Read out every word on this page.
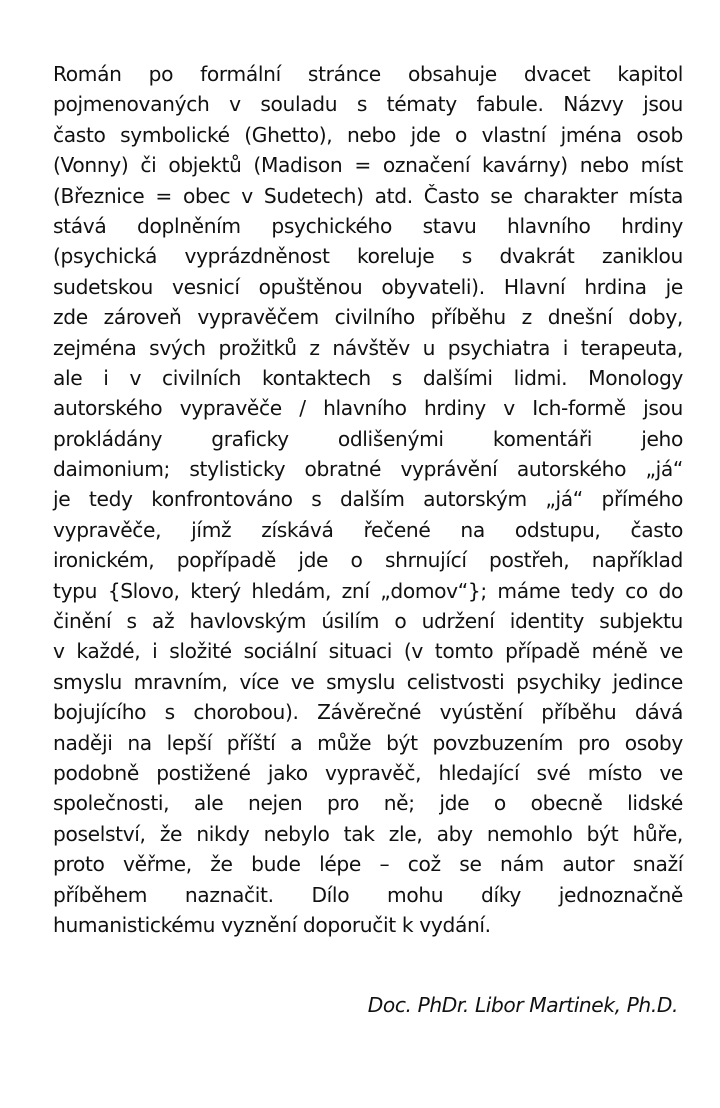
Román po formální stránce obsahuje dvacet kapitol
pojmenovaných v souladu s tématy fabule. Názvy jsou
často symbolické (Ghetto), nebo jde o vlastní jména osob
(Vonny) či objektů (Madison = označení kavárny) nebo míst
(Březnice = obec v Sudetech) atd. Často se charakter místa
stává doplněním psychického stavu hlavního hrdiny
(psychická vyprázdněnost koreluje s dvakrát zaniklou
sudetskou vesnicí opuštěnou obyvateli). Hlavní hrdina je
zde zároveň vypravěčem civilního příběhu z dnešní doby,
zejména svých prožitků z návštěv u psychiatra i terapeuta,
ale i v civilních kontaktech s dalšími lidmi. Monology
autorského vypravěče / hlavního hrdiny v Ich-formě jsou
prokládány graficky odlišenými komentáři jeho
daimonium; stylisticky obratné vyprávění autorského „já“
je tedy konfrontováno s dalším autorským „já“ přímého
vypravěče, jímž získává řečené na odstupu, často
ironickém, popřípadě jde o shrnující postřeh, například
typu {Slovo, který hledám, zní „domov“}; máme tedy co do
činění s až havlovským úsilím o udržení identity subjektu
v každé, i složité sociální situaci (v tomto případě méně ve
smyslu mravním, více ve smyslu celistvosti psychiky jedince
bojujícího s chorobou). Závěrečné vyústění příběhu dává
naději na lepší příští a může být povzbuzením pro osoby
podobně postižené jako vypravěč, hledající své místo ve
společnosti, ale nejen pro ně; jde o obecně lidské
poselství, že nikdy nebylo tak zle, aby nemohlo být hůře,
proto věřme, že bude lépe – což se nám autor snaží
příběhem naznačit. Dílo mohu díky jednoznačně
humanistickému vyznění doporučit k vydání.
Doc. PhDr. Libor Martinek, Ph.D.
